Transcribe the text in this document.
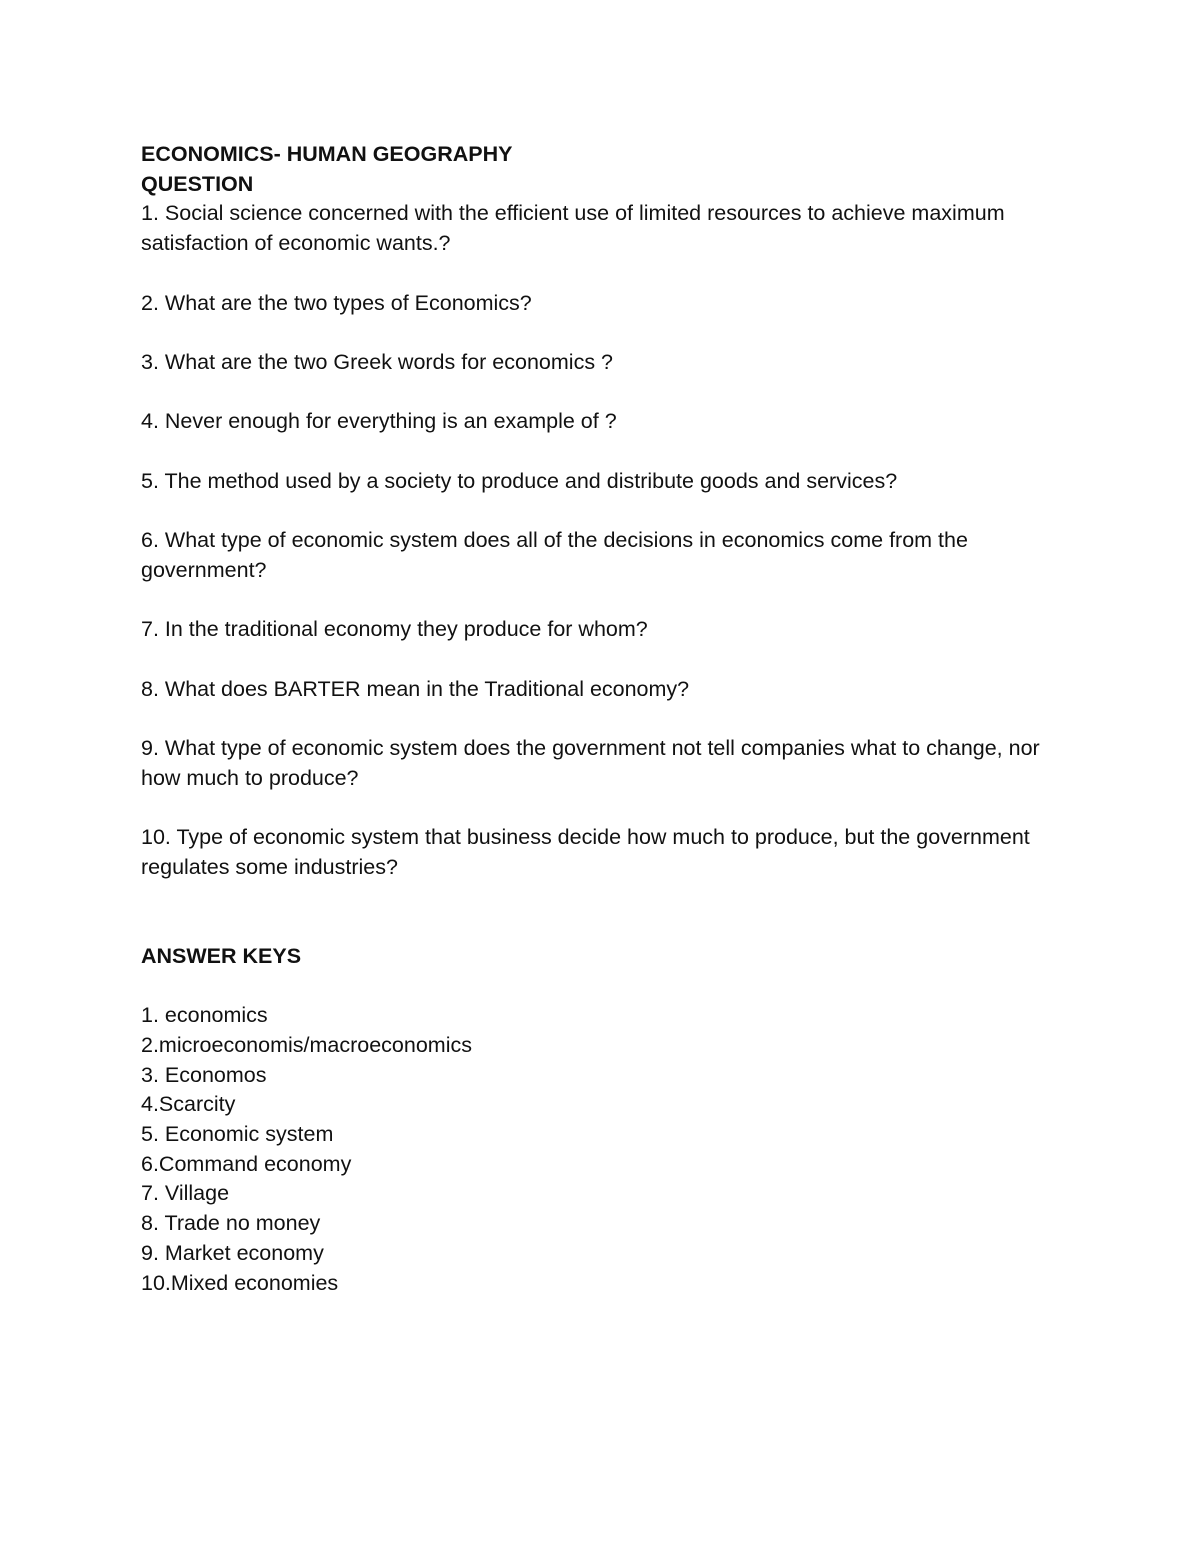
ECONOMICS- HUMAN GEOGRAPHY

QUESTION

1. Social science concerned with the efficient use of limited resources to achieve maximum satisfaction of economic wants.?

2. What are the two types of Economics?

3. What are the two Greek words for economics ?

4. Never enough for everything is an example of ?

5. The method used by a society to produce and distribute goods and services?

6. What type of economic system does all of the decisions in economics come from the government?

7. In the traditional economy they produce for whom?

8. What does BARTER mean in the Traditional economy?

9. What type of economic system does the government not tell companies what to change, nor how much to produce?

10. Type of economic system that business decide how much to produce, but the government regulates some industries?

ANSWER KEYS

1. economics

2.microeconomis/macroeconomics

3. Economos

4.Scarcity

5. Economic system

6.Command economy

7. Village

8. Trade no money

9. Market economy

10.Mixed economies
